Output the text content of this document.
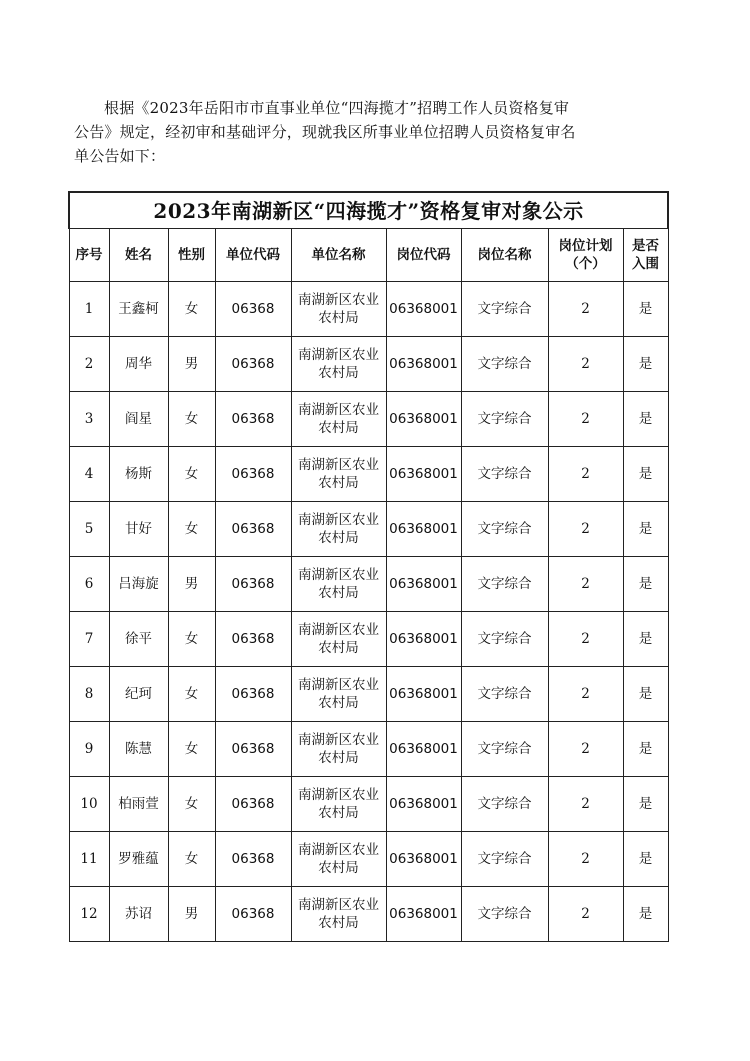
根据《2023年岳阳市市直事业单位“四海揽才”招聘工作人员资格复审
公告》规定，经初审和基础评分，现就我区所事业单位招聘人员资格复审名
单公告如下：

2023年南湖新区“四海揽才”资格复审对象公示								
序号	姓名	性别	单位代码	单位名称	岗位代码	岗位名称	岗位计划
（个）	是否
入围
1	王鑫柯	女	06368	南湖新区农业
农村局	06368001	文字综合	2	是
2	周华	男	06368	南湖新区农业
农村局	06368001	文字综合	2	是
3	阎星	女	06368	南湖新区农业
农村局	06368001	文字综合	2	是
4	杨斯	女	06368	南湖新区农业
农村局	06368001	文字综合	2	是
5	甘好	女	06368	南湖新区农业
农村局	06368001	文字综合	2	是
6	吕海旋	男	06368	南湖新区农业
农村局	06368001	文字综合	2	是
7	徐平	女	06368	南湖新区农业
农村局	06368001	文字综合	2	是
8	纪珂	女	06368	南湖新区农业
农村局	06368001	文字综合	2	是
9	陈慧	女	06368	南湖新区农业
农村局	06368001	文字综合	2	是
10	柏雨萱	女	06368	南湖新区农业
农村局	06368001	文字综合	2	是
11	罗雅蕴	女	06368	南湖新区农业
农村局	06368001	文字综合	2	是
12	苏诏	男	06368	南湖新区农业
农村局	06368001	文字综合	2	是
